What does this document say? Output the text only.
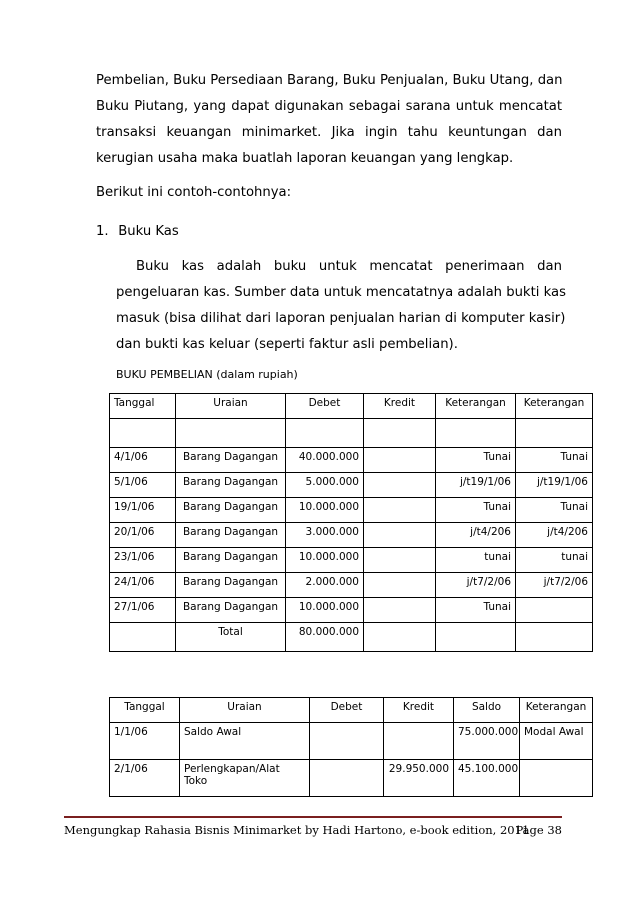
Pembelian, Buku Persediaan Barang, Buku Penjualan, Buku Utang, dan
Buku Piutang, yang dapat digunakan sebagai sarana untuk mencatat
transaksi keuangan minimarket. Jika ingin tahu keuntungan dan
kerugian usaha maka buatlah laporan keuangan yang lengkap.
Berikut ini contoh-contohnya:
1. Buku Kas
Buku kas adalah buku untuk mencatat penerimaan dan
pengeluaran kas. Sumber data untuk mencatatnya adalah bukti kas
masuk (bisa dilihat dari laporan penjualan harian di komputer kasir)
dan bukti kas keluar (seperti faktur asli pembelian).
BUKU PEMBELIAN (dalam rupiah)
Tanggal	Uraian	Debet	Kredit	Keterangan	Keterangan

4/1/06	Barang Dagangan	40.000.000		Tunai	Tunai
5/1/06	Barang Dagangan	5.000.000		j/t19/1/06	j/t19/1/06
19/1/06	Barang Dagangan	10.000.000		Tunai	Tunai
20/1/06	Barang Dagangan	3.000.000		j/t4/206	j/t4/206
23/1/06	Barang Dagangan	10.000.000		tunai	tunai
24/1/06	Barang Dagangan	2.000.000		j/t7/2/06	j/t7/2/06
27/1/06	Barang Dagangan	10.000.000		Tunai	
	Total	80.000.000			
Tanggal	Uraian	Debet	Kredit	Saldo	Keterangan
1/1/06	Saldo Awal			75.000.000	Modal Awal
2/1/06	Perlengkapan/Alat Toko		29.950.000	45.100.000	
Mengungkap Rahasia Bisnis Minimarket by Hadi Hartono, e-book edition, 2011
Page 38
